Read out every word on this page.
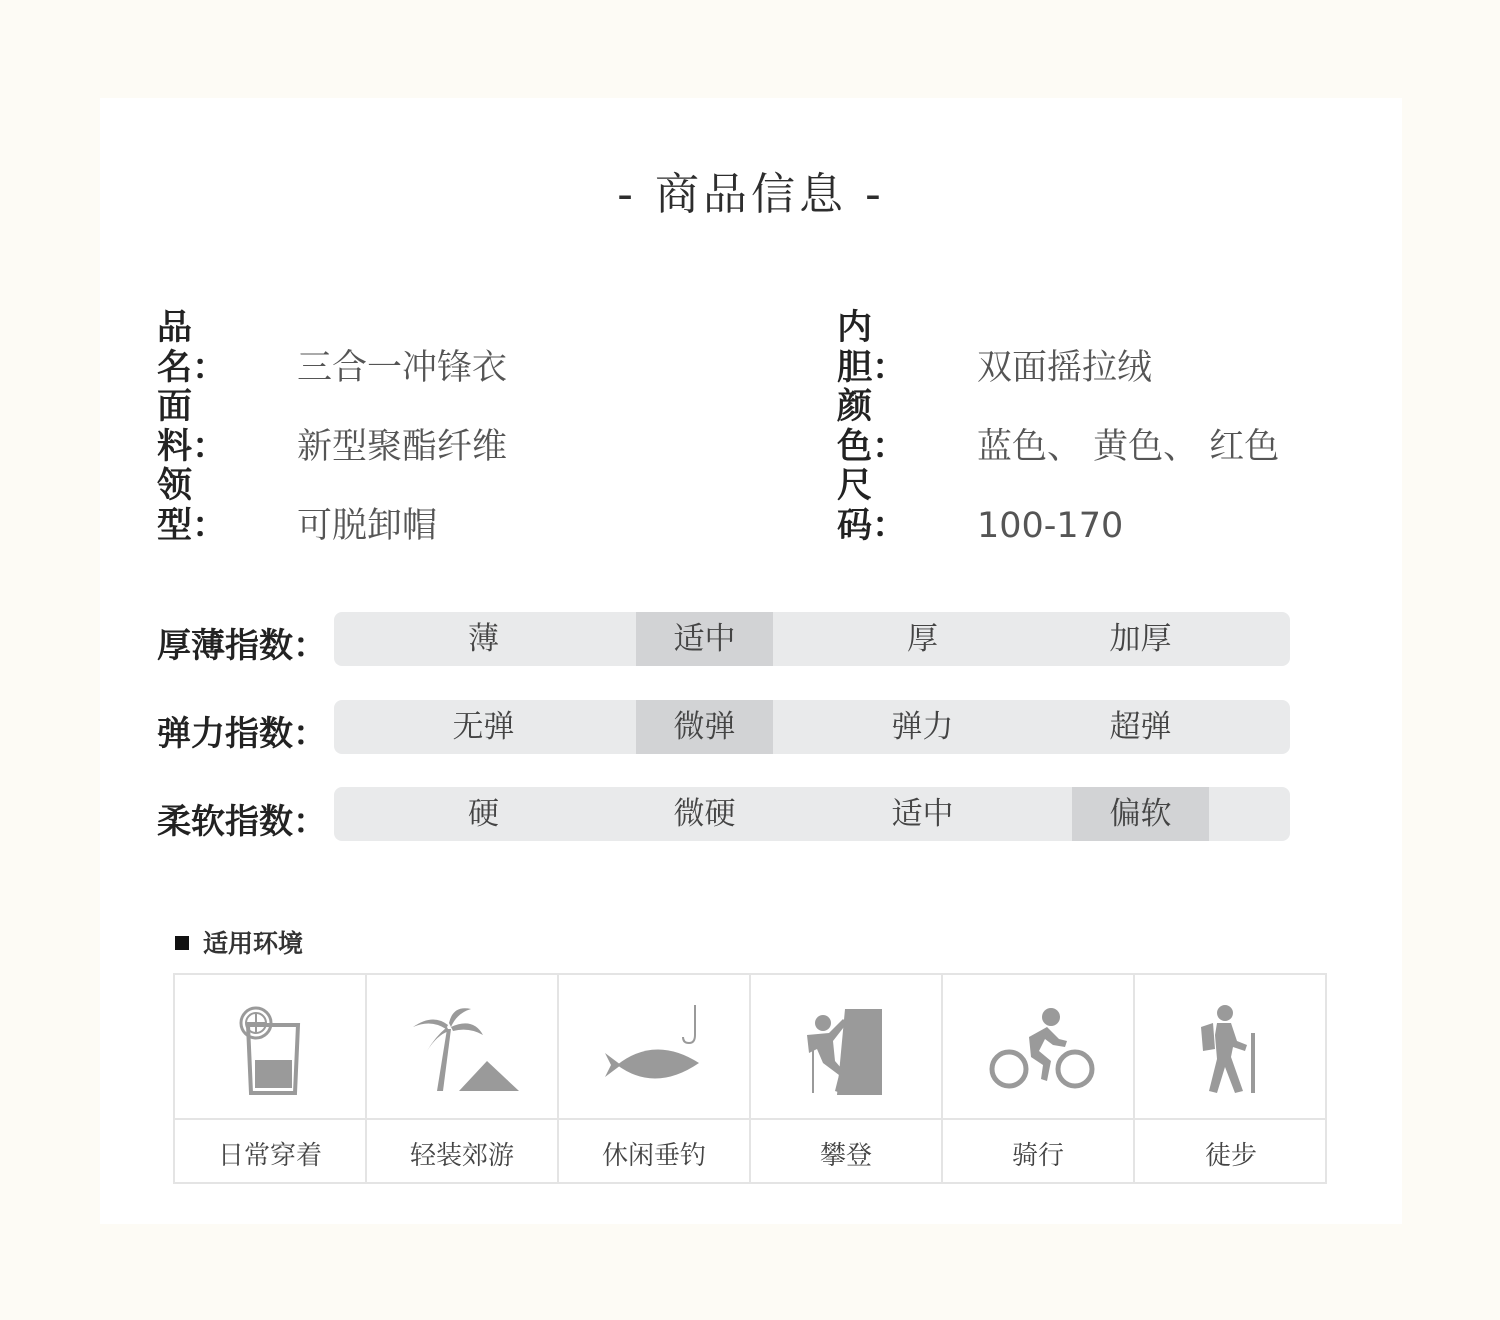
- 商品信息 -
品名： 三合一冲锋衣
面料： 新型聚酯纤维
领型： 可脱卸帽
内胆： 双面摇拉绒
颜色： 蓝色、 黄色、 红色
尺码： 100-170
厚薄指数：	薄	适中	厚	加厚
弹力指数：	无弹	微弹	弹力	超弹
柔软指数：	硬	微硬	适中	偏软
适用环境
日常穿着	轻装郊游	休闲垂钓	攀登	骑行	徒步
